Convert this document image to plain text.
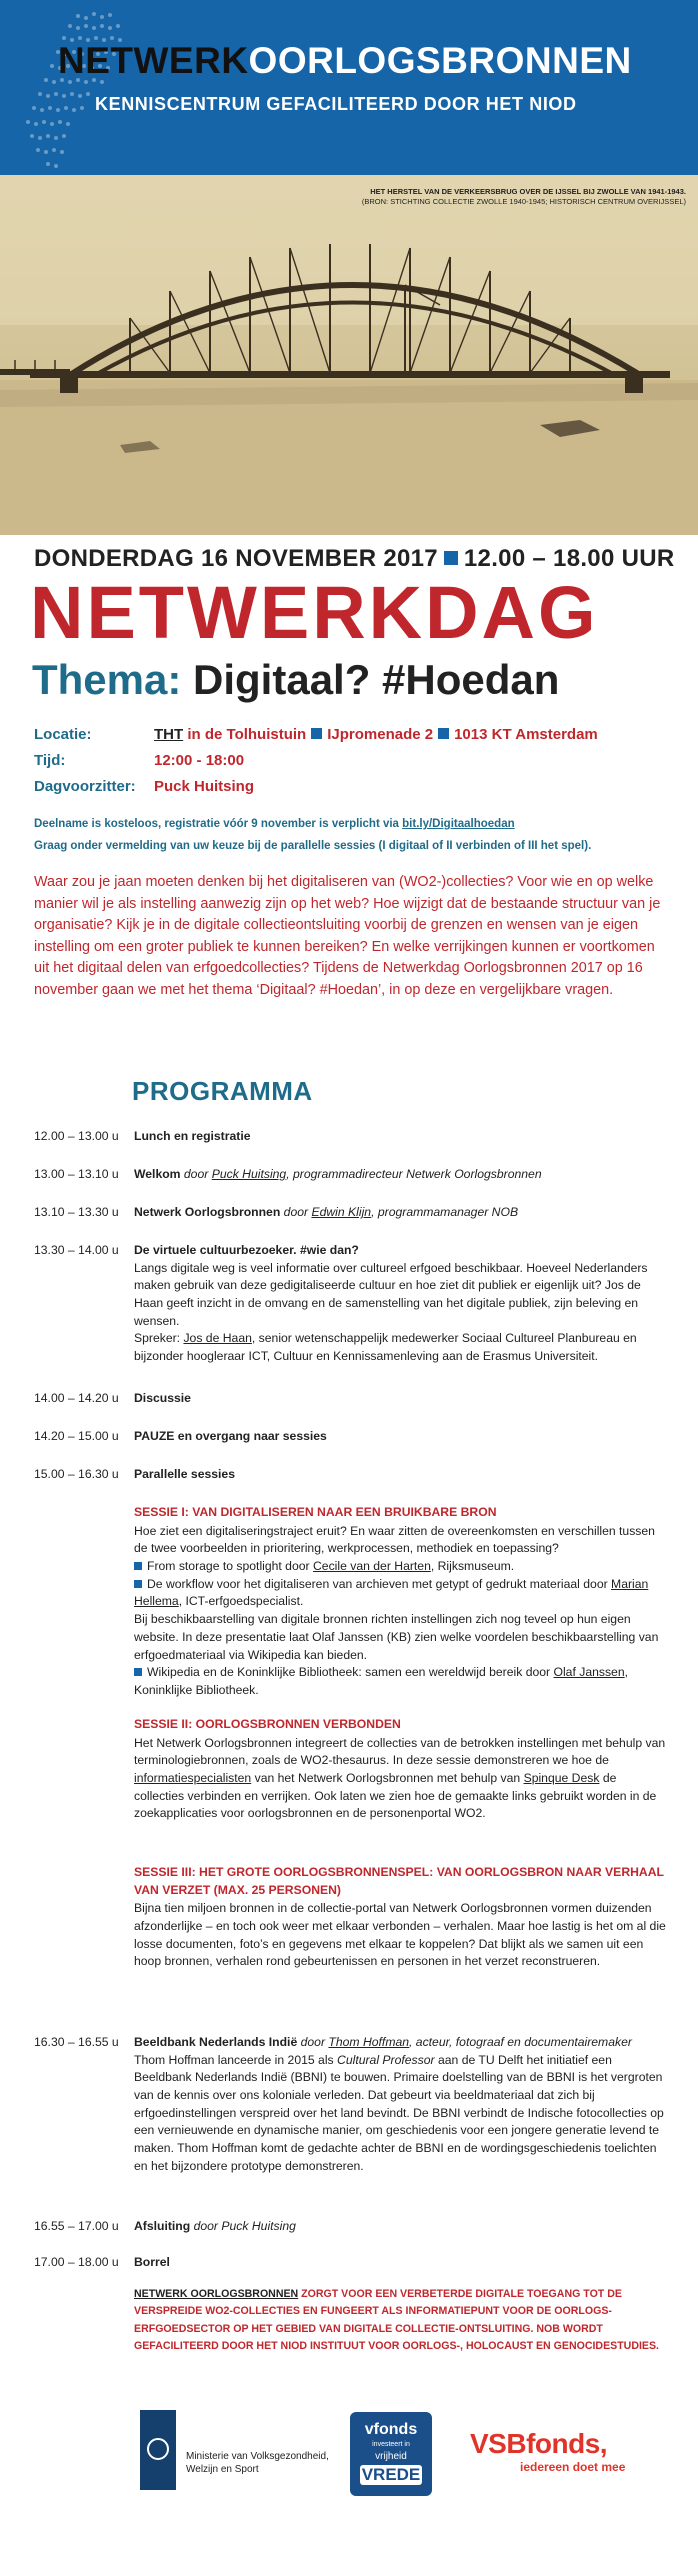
NETWERKOORLOGSBRONNEN
KENNISCENTRUM GEFACILITEERD DOOR HET NIOD
HET HERSTEL VAN DE VERKEERSBRUG OVER DE IJSSEL BIJ ZWOLLE VAN 1941-1943.
(BRON: STICHTING COLLECTIE ZWOLLE 1940-1945; HISTORISCH CENTRUM OVERIJSSEL)
DONDERDAG 16 NOVEMBER 2017 12.00 – 18.00 UUR
NETWERKDAG
Thema: Digitaal? #Hoedan
Locatie:	THT in de Tolhuistuin IJpromenade 2 1013 KT Amsterdam
Tijd:	12:00 - 18:00
Dagvoorzitter: Puck Huitsing
Deelname is kosteloos, registratie vóór 9 november is verplicht via bit.ly/Digitaalhoedan
Graag onder vermelding van uw keuze bij de parallelle sessies (I digitaal of II verbinden of III het spel).
Waar zou je jaan moeten denken bij het digitaliseren van (WO2-)collecties? Voor wie en op welke manier wil je als instelling aanwezig zijn op het web? Hoe wijzigt dat de bestaande structuur van je organisatie? Kijk je in de digitale collectieontsluiting voorbij de grenzen en wensen van je eigen instelling om een groter publiek te kunnen bereiken? En welke verrijkingen kunnen er voortkomen uit het digitaal delen van erfgoedcollecties? Tijdens de Netwerkdag Oorlogsbronnen 2017 op 16 november gaan we met het thema ‘Digitaal? #Hoedan’, in op deze en vergelijkbare vragen.
PROGRAMMA
12.00 – 13.00 u	Lunch en registratie
13.00 – 13.10 u	Welkom door Puck Huitsing, programmadirecteur Netwerk Oorlogsbronnen
13.10 – 13.30 u	Netwerk Oorlogsbronnen door Edwin Klijn, programmamanager NOB
13.30 – 14.00 u	De virtuele cultuurbezoeker. #wie dan?
Langs digitale weg is veel informatie over cultureel erfgoed beschikbaar. Hoeveel Nederlanders maken gebruik van deze gedigitaliseerde cultuur en hoe ziet dit publiek er eigenlijk uit? Jos de Haan geeft inzicht in de omvang en de samenstelling van het digitale publiek, zijn beleving en wensen.
Spreker: Jos de Haan, senior wetenschappelijk medewerker Sociaal Cultureel Planbureau en bijzonder hoogleraar ICT, Cultuur en Kennissamenleving aan de Erasmus Universiteit.
14.00 – 14.20 u	Discussie
14.20 – 15.00 u	PAUZE en overgang naar sessies
15.00 – 16.30 u	Parallelle sessies
SESSIE I: VAN DIGITALISEREN NAAR EEN BRUIKBARE BRON

Hoe ziet een digitaliseringstraject eruit? En waar zitten de overeenkomsten en verschillen tussen de twee voorbeelden in prioritering, werkprocessen, methodiek en toepassing?

From storage to spotlight door Cecile van der Harten, Rijksmuseum.

De workflow voor het digitaliseren van archieven met getypt of gedrukt materiaal door Marian Hellema, ICT-erfgoedspecialist.

Bij beschikbaarstelling van digitale bronnen richten instellingen zich nog teveel op hun eigen website. In deze presentatie laat Olaf Janssen (KB) zien welke voordelen beschikbaarstelling van erfgoedmateriaal via Wikipedia kan bieden.

Wikipedia en de Koninklijke Bibliotheek: samen een wereldwijd bereik door Olaf Janssen, Koninklijke Bibliotheek.

SESSIE II: OORLOGSBRONNEN VERBONDEN

Het Netwerk Oorlogsbronnen integreert de collecties van de betrokken instellingen met behulp van terminologiebronnen, zoals de WO2-thesaurus. In deze sessie demonstreren we hoe de informatiespecialisten van het Netwerk Oorlogsbronnen met behulp van Spinque Desk de collecties verbinden en verrijken. Ook laten we zien hoe de gemaakte links gebruikt worden in de zoekapplicaties voor oorlogsbronnen en de personenportal WO2.

SESSIE III: HET GROTE OORLOGSBRONNENSPEL: VAN OORLOGSBRON NAAR VERHAAL VAN VERZET (MAX. 25 PERSONEN)

Bijna tien miljoen bronnen in de collectie-portal van Netwerk Oorlogsbronnen vormen duizenden afzonderlijke – en toch ook weer met elkaar verbonden – verhalen. Maar hoe lastig is het om al die losse documenten, foto’s en gegevens met elkaar te koppelen? Dat blijkt als we samen uit een hoop bronnen, verhalen rond gebeurtenissen en personen in het verzet reconstrueren.

16.30 – 16.55 u	Beeldbank Nederlands Indië door Thom Hoffman, acteur, fotograaf en documentairemaker
Thom Hoffman lanceerde in 2015 als Cultural Professor aan de TU Delft het initiatief een Beeldbank Nederlands Indië (BBNI) te bouwen. Primaire doelstelling van de BBNI is het vergroten van de kennis over ons koloniale verleden. Dat gebeurt via beeldmateriaal dat zich bij erfgoedinstellingen verspreid over het land bevindt. De BBNI verbindt de Indische fotocollecties op een vernieuwende en dynamische manier, om geschiedenis voor een jongere generatie levend te maken. Thom Hoffman komt de gedachte achter de BBNI en de wordingsgeschiedenis toelichten en het bijzondere prototype demonstreren.
16.55 – 17.00 u	Afsluiting door Puck Huitsing
17.00 – 18.00 u	Borrel
NETWERK OORLOGSBRONNEN ZORGT VOOR EEN VERBETERDE DIGITALE TOEGANG TOT DE VERSPREIDE WO2-COLLECTIES EN FUNGEERT ALS INFORMATIEPUNT VOOR DE OORLOGS-ERFGOEDSECTOR OP HET GEBIED VAN DIGITALE COLLECTIE-ONTSLUITING. NOB WORDT GEFACILITEERD DOOR HET NIOD INSTITUUT VOOR OORLOGS-, HOLOCAUST EN GENOCIDESTUDIES.
Ministerie van Volksgezondheid,
Welzijn en Sport
vfonds
investeert in
vrijheid
VREDE
VSBfonds,
iedereen doet mee
